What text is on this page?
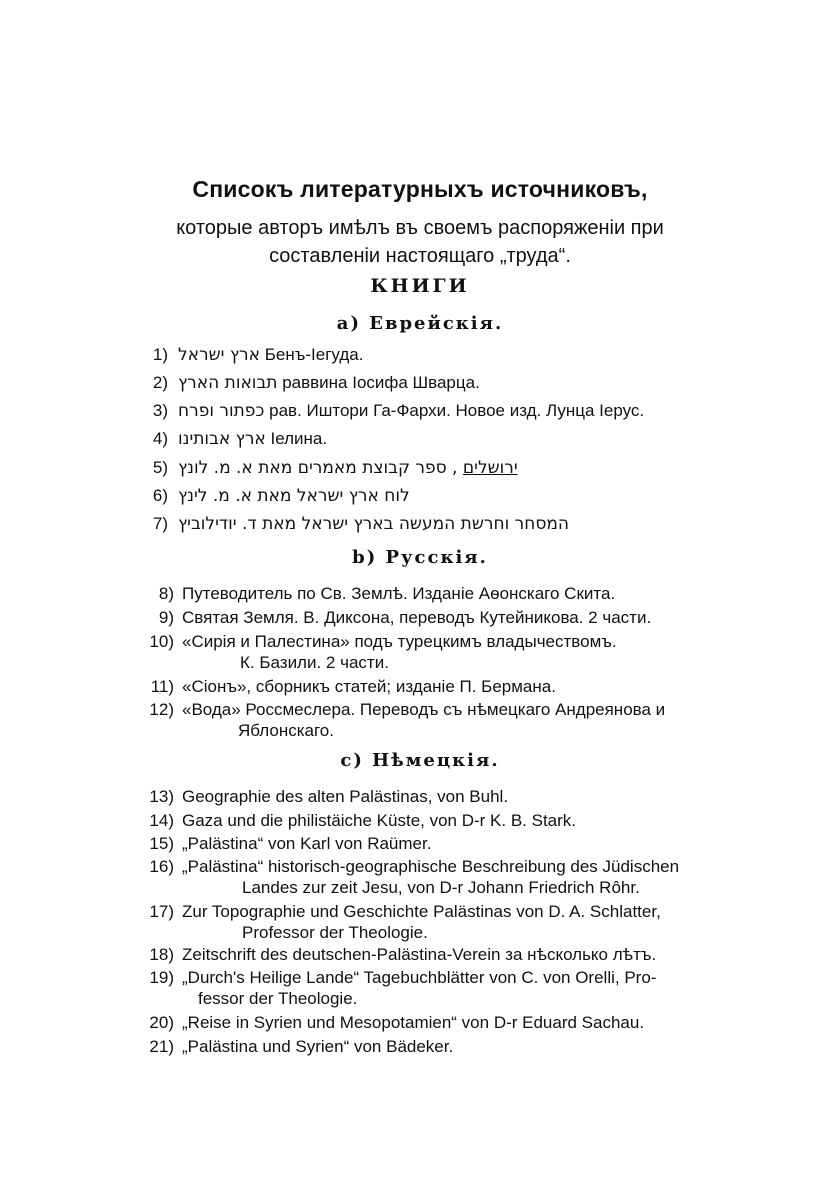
Списокъ литературныхъ источниковъ,
которые авторъ имѣлъ въ своемъ распоряженіи при
составленіи настоящаго „труда“.
КНИГИ
а) Еврейскія.
1) ארץ ישראל Бенъ-Іегуда.
2) תבואות הארץ раввина Іосифа Шварца.
3) כפתור ופרח рав. Иштори Га-Фархи. Новое изд. Лунца Іерус.
4) ארץ אבותינו Іелина.
5)	ירושלים , ספר קבוצת מאמרים מאת א. מ. לונץ
6) לוח ארץ ישראל מאת א. מ. לינץ
7) המסחר וחרשת המעשה בארץ ישראל מאת ד. יודילוביץ
b) Русскія.
8) Путеводитель по Св. Землѣ. Изданіе Аѳонскаго Скита.
9) Святая Земля. В. Диксона, переводъ Кутейникова. 2 части.
10) «Сирія и Палестина» подъ турецкимъ владычествомъ.
К. Базили. 2 части.
11) «Сіонъ», сборникъ статей; изданіе П. Бермана.
12) «Вода» Россмеслера. Переводъ съ нѣмецкаго Андреянова и
Яблонскаго.
с) Нѣмецкія.
13) Geographie des alten Palästinas, von Buhl.
14) Gaza und die philistäiche Küste, von D-r K. B. Stark.
15) „Palästina“ von Karl von Raümer.
16) „Palästina“ historisch-geographische Beschreibung des Jüdischen
Landes zur zeit Jesu, von D-r Johann Friedrich Rôhr.
17) Zur Topographie und Geschichte Palästinas von D. A. Schlatter,
Professor der Theologie.
18) Zeitschrift des deutschen-Palästina-Verein за нѣсколько лѣтъ.
19) „Durch's Heilige Lande“ Tagebuchblätter von C. von Orelli, Pro-
fessor der Theologie.
20) „Reise in Syrien und Mesopotamien“ von D-r Eduard Sachau.
21) „Palästina und Syrien“ von Bädeker.
